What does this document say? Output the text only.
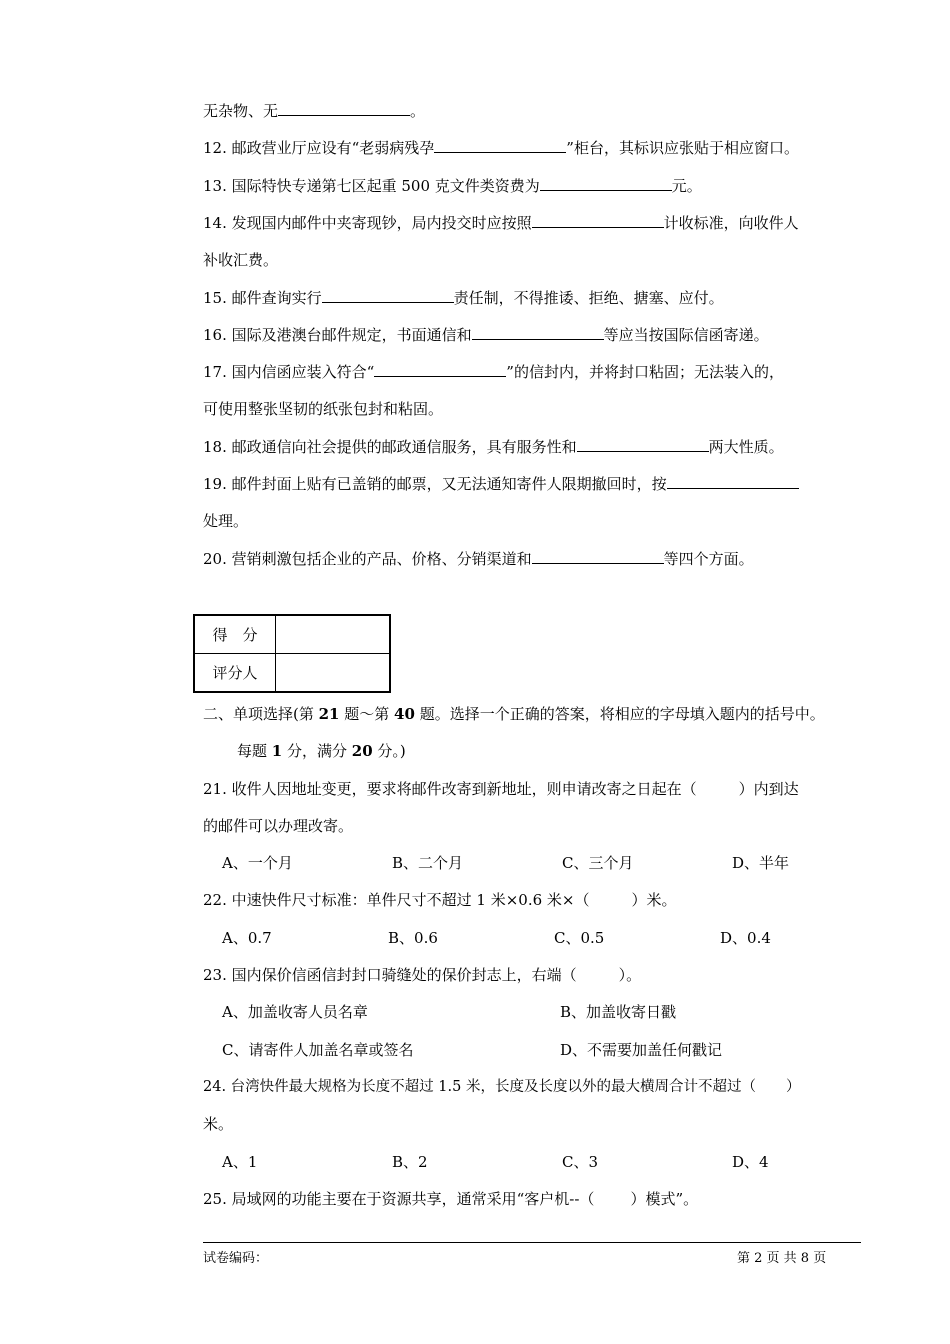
无杂物、无	。
12. 邮政营业厅应设有“老弱病残孕	”柜台，其标识应张贴于相应窗口。
13. 国际特快专递第七区起重 500 克文件类资费为	元。
14. 发现国内邮件中夹寄现钞，局内投交时应按照	计收标准，向收件人
补收汇费。
15. 邮件查询实行	责任制，不得推诿、拒绝、搪塞、应付。
16. 国际及港澳台邮件规定，书面通信和	等应当按国际信函寄递。
17. 国内信函应装入符合“	”的信封内，并将封口粘固；无法装入的，
可使用整张坚韧的纸张包封和粘固。
18. 邮政通信向社会提供的邮政通信服务，具有服务性和	两大性质。
19. 邮件封面上贴有已盖销的邮票，又无法通知寄件人限期撤回时，按
处理。
20. 营销刺激包括企业的产品、价格、分销渠道和	等四个方面。
得　分	
评分人	
二、单项选择(第 21 题～第 40 题。选择一个正确的答案，将相应的字母填入题内的括号中。
每题 1 分，满分 20 分。)
21. 收件人因地址变更，要求将邮件改寄到新地址，则申请改寄之日起在（	）内到达
的邮件可以办理改寄。
A、一个月	B、二个月	C、三个月	D、半年
22. 中速快件尺寸标准：单件尺寸不超过 1 米×0.6 米×（	）米。
A、0.7	B、0.6	C、0.5	D、0.4
23. 国内保价信函信封封口骑缝处的保价封志上，右端（	）。
A、加盖收寄人员名章	B、加盖收寄日戳
C、请寄件人加盖名章或签名	D、不需要加盖任何戳记
24. 台湾快件最大规格为长度不超过 1.5 米，长度及长度以外的最大横周合计不超过（ ）
米。
A、1	B、2	C、3	D、4
25. 局域网的功能主要在于资源共享，通常采用“客户机--（ ）模式”。
试卷编码：	第 2 页 共 8 页
